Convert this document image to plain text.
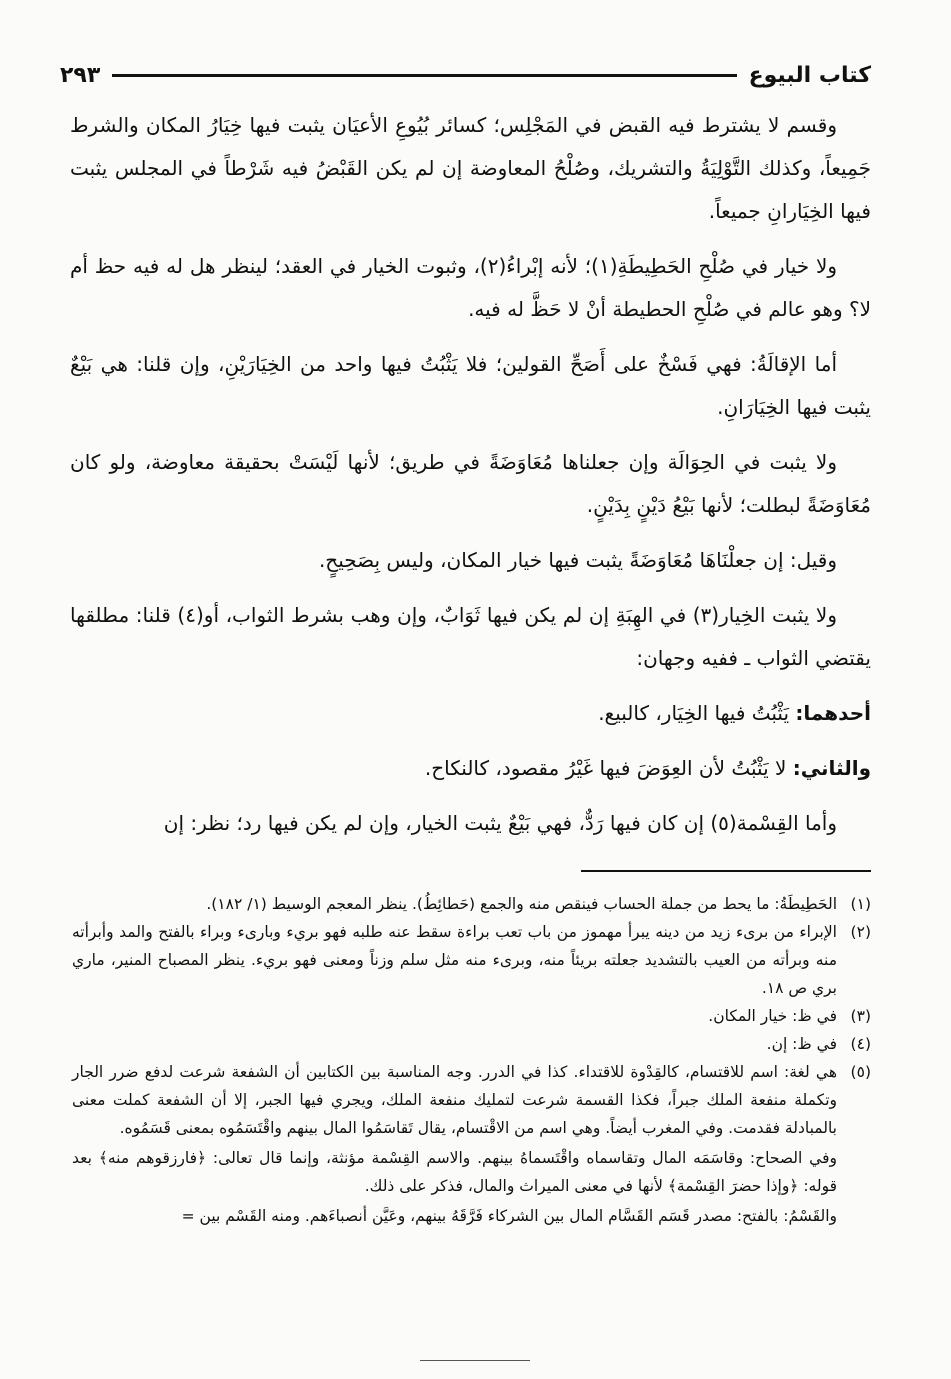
كتاب البيوع
٢٩٣

وقسم لا يشترط فيه القبض في المَجْلِس؛ كسائر بُيُوعِ الأعيَان يثبت فيها خِيَارُ المكان والشرط جَمِيعاً، وكذلك التَّوْلِيَةُ والتشريك، وصُلْحُ المعاوضة إن لم يكن القَبْضُ فيه شَرْطاً في المجلس يثبت فيها الخِيَارانِ جميعاً.

ولا خيار في صُلْحِ الحَطِيطَةِ(١)؛ لأنه إبْراءُ(٢)، وثبوت الخيار في العقد؛ لينظر هل له فيه حظ أم لا؟ وهو عالم في صُلْحِ الحطيطة أنْ لا حَظَّ له فيه.

أما الإقالَةُ: فهي فَسْخٌ على أَصَحِّ القولين؛ فلا يَثْبُتُ فيها واحد من الخِيَارَيْنِ، وإن قلنا: هي بَيْعٌ يثبت فيها الخِيَارَانِ.

ولا يثبت في الحِوَالَة وإن جعلناها مُعَاوَضَةً في طريق؛ لأنها لَيْسَتْ بحقيقة معاوضة، ولو كان مُعَاوَضَةً لبطلت؛ لأنها بَيْعُ دَيْنٍ بِدَيْنٍ.

وقيل: إن جعلْنَاهَا مُعَاوَضَةً يثبت فيها خيار المكان، وليس بِصَحِيحٍ.

ولا يثبت الخِيار(٣) في الهِبَةِ إن لم يكن فيها ثَوَابٌ، وإن وهب بشرط الثواب، أو(٤) قلنا: مطلقها يقتضي الثواب ـ ففيه وجهان:

أحدهما: يَثْبُتُ فيها الخِيَار، كالبيع.

والثاني: لا يَثْبُتُ لأن العِوَضَ فيها غَيْرُ مقصود، كالنكاح.

وأما القِسْمة(٥) إن كان فيها رَدٌّ، فهي بَيْعٌ يثبت الخيار، وإن لم يكن فيها رد؛ نظر: إن

(١)
الحَطِيطَةُ: ما يحط من جملة الحساب فينقص منه والجمع (حَطائِطُ). ينظر المعجم الوسيط (١/ ١٨٢).
(٢)
الإبراء من برىء زيد من دينه يبرأ مهموز من باب تعب براءة سقط عنه طلبه فهو بريء وبارىء وبراء بالفتح والمد وأبرأته منه وبرأته من العيب بالتشديد جعلته بريئاً منه، وبرىء منه مثل سلم وزناً ومعنى فهو بريء. ينظر المصباح المنير، ماري بري ص ١٨.
(٣)
في ظ: خيار المكان.
(٤)
في ظ: إن.
(٥)
هي لغة: اسم للاقتسام، كالقِدْوة للاقتداء. كذا في الدرر. وجه المناسبة بين الكتابين أن الشفعة شرعت لدفع ضرر الجار وتكملة منفعة الملك جبراً، فكذا القسمة شرعت لتمليك منفعة الملك، ويجري فيها الجبر، إلا أن الشفعة كملت معنى بالمبادلة فقدمت. وفي المغرب أيضاً. وهي اسم من الاقْتسام، يقال تَقاسَمُوا المال بينهم واقْتَسَمُوه بمعنى قَسَمُوه.
وفي الصحاح: وقاسَمَه المال وتقاسماه واقْتَسماهُ بينهم. والاسم القِسْمة مؤنثة، وإنما قال تعالى: ﴿فارزقوهم منه﴾ بعد قوله: ﴿وإذا حضرَ القِسْمة﴾ لأنها في معنى الميراث والمال، فذكر على ذلك.
والقَسْمُ: بالفتح: مصدر قَسَم القَسَّام المال بين الشركاء فَرَّقَهُ بينهم، وعَيَّن أنصباءَهم. ومنه القَسْم بين =
